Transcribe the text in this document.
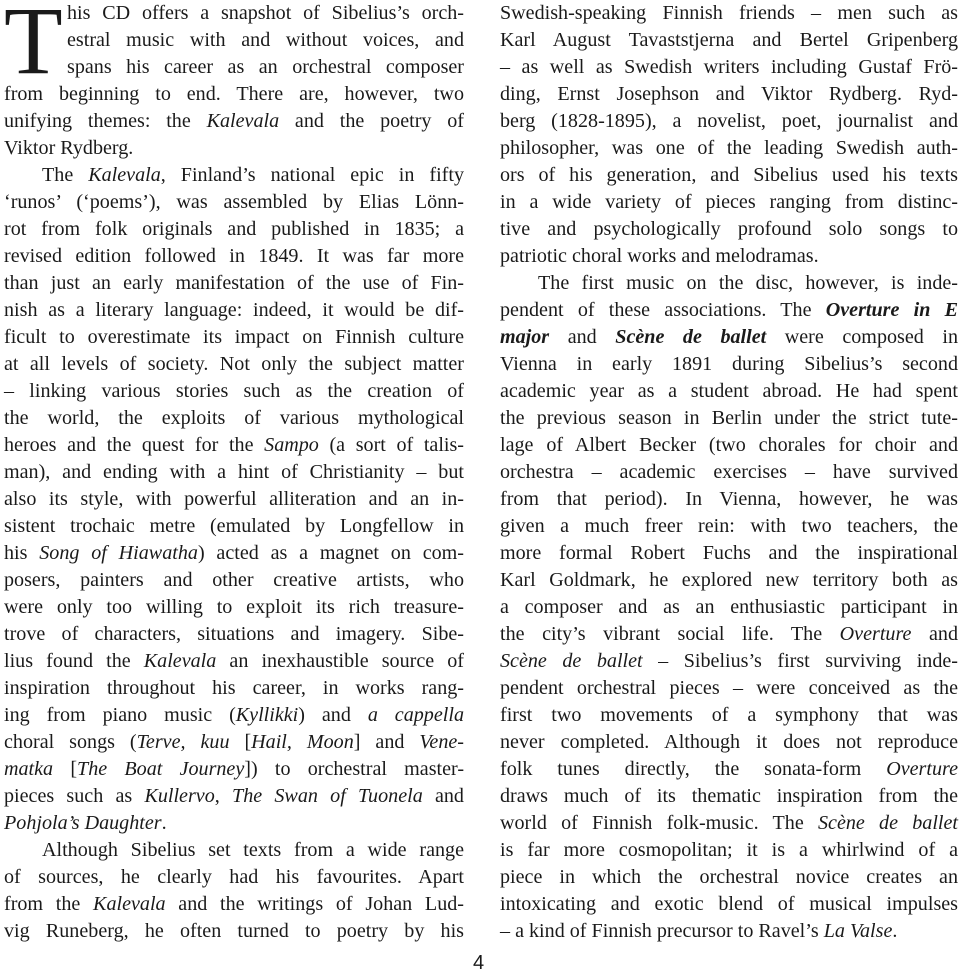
T his CD offers a snapshot of Sibelius’s orch-
estral music with and without voices, and
spans his career as an orchestral composer
from beginning to end. There are, however, two
unifying themes: the Kalevala and the poetry of
Viktor Rydberg.
The Kalevala, Finland’s national epic in fifty
‘runos’ (‘poems’), was assembled by Elias Lönn-
rot from folk originals and published in 1835; a
revised edition followed in 1849. It was far more
than just an early manifestation of the use of Fin-
nish as a literary language: indeed, it would be dif-
ficult to overestimate its impact on Finnish culture
at all levels of society. Not only the subject matter
– linking various stories such as the creation of
the world, the exploits of various mythological
heroes and the quest for the Sampo (a sort of talis-
man), and ending with a hint of Christianity – but
also its style, with powerful alliteration and an in-
sistent trochaic metre (emulated by Longfellow in
his Song of Hiawatha) acted as a magnet on com-
posers, painters and other creative artists, who
were only too willing to exploit its rich treasure-
trove of characters, situations and imagery. Sibe-
lius found the Kalevala an inexhaustible source of
inspiration throughout his career, in works rang-
ing from piano music (Kyllikki) and a cappella
choral songs (Terve, kuu [Hail, Moon] and Vene-
matka [The Boat Journey]) to orchestral master-
pieces such as Kullervo, The Swan of Tuonela and
Pohjola’s Daughter.
Although Sibelius set texts from a wide range
of sources, he clearly had his favourites. Apart
from the Kalevala and the writings of Johan Lud-
vig Runeberg, he often turned to poetry by his
Swedish-speaking Finnish friends – men such as
Karl August Tavaststjerna and Bertel Gripenberg
– as well as Swedish writers including Gustaf Frö-
ding, Ernst Josephson and Viktor Rydberg. Ryd-
berg (1828-1895), a novelist, poet, journalist and
philosopher, was one of the leading Swedish auth-
ors of his generation, and Sibelius used his texts
in a wide variety of pieces ranging from distinc-
tive and psychologically profound solo songs to
patriotic choral works and melodramas.
The first music on the disc, however, is inde-
pendent of these associations. The Overture in E
major and Scène de ballet were composed in
Vienna in early 1891 during Sibelius’s second
academic year as a student abroad. He had spent
the previous season in Berlin under the strict tute-
lage of Albert Becker (two chorales for choir and
orchestra – academic exercises – have survived
from that period). In Vienna, however, he was
given a much freer rein: with two teachers, the
more formal Robert Fuchs and the inspirational
Karl Goldmark, he explored new territory both as
a composer and as an enthusiastic participant in
the city’s vibrant social life. The Overture and
Scène de ballet – Sibelius’s first surviving inde-
pendent orchestral pieces – were conceived as the
first two movements of a symphony that was
never completed. Although it does not reproduce
folk tunes directly, the sonata-form Overture
draws much of its thematic inspiration from the
world of Finnish folk-music. The Scène de ballet
is far more cosmopolitan; it is a whirlwind of a
piece in which the orchestral novice creates an
intoxicating and exotic blend of musical impulses
– a kind of Finnish precursor to Ravel’s La Valse.
4
